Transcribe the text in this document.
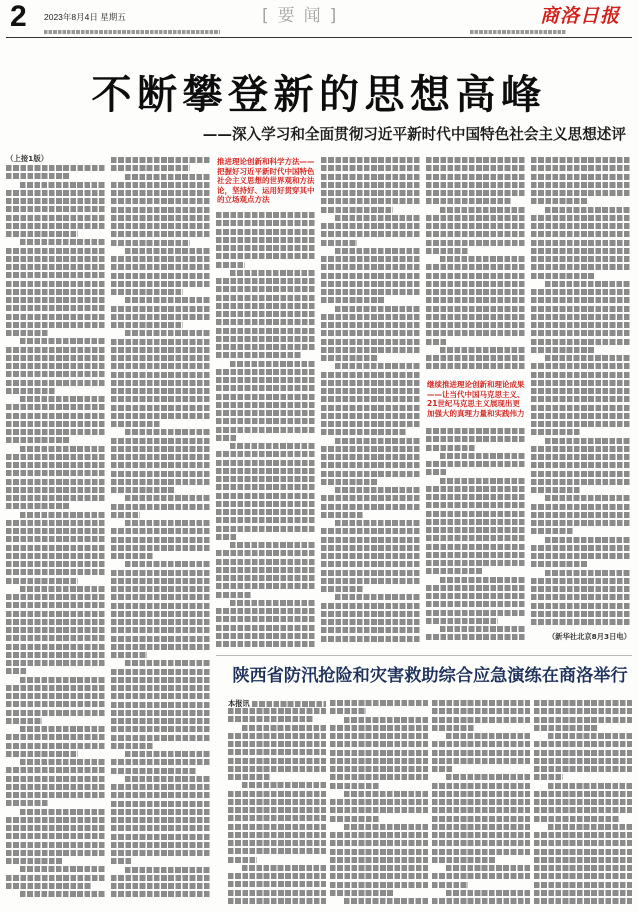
2 2023年8月4日 星期五	[要闻]	商洛日报
不断攀登新的思想高峰
——深入学习和全面贯彻习近平新时代中国特色社会主义思想述评
（上接1版）	推进理论创新和科学方法——把握好习近平新时代中国特色社会主义思想的世界观和方法论，坚持好、运用好贯穿其中的立场观点方法
继续推进理论创新和理论成果——让当代中国马克思主义、21世纪马克思主义展现出更加强大的真理力量和实践伟力
（新华社北京8月3日电）
陕西省防汛抢险和灾害救助综合应急演练在商洛举行
本报讯
